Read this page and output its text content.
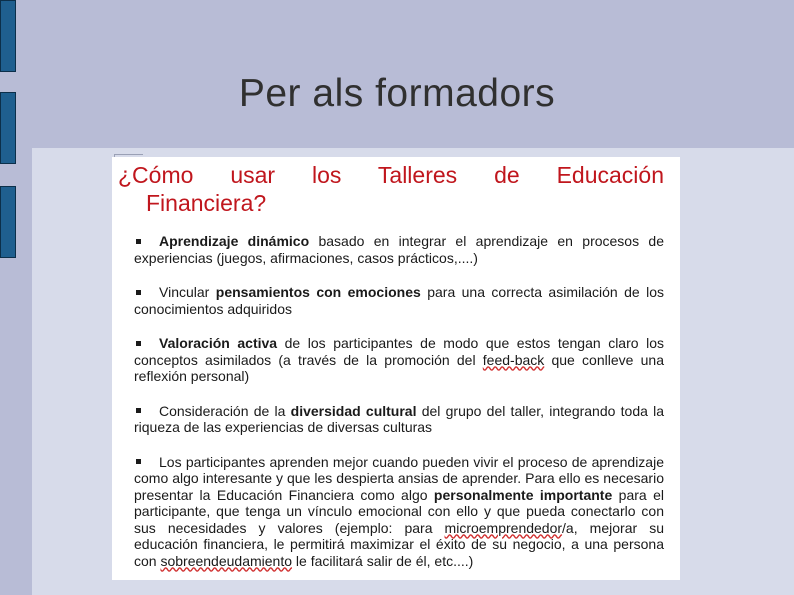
Per als formadors

¿Cómo usar los Talleres de Educación

Financiera?

Aprendizaje dinámico basado en integrar el aprendizaje en procesos de experiencias (juegos, afirmaciones, casos prácticos,....)
Vincular pensamientos con emociones para una correcta asimilación de los conocimientos adquiridos
Valoración activa de los participantes de modo que estos tengan claro los conceptos asimilados (a través de la promoción del feed-back que conlleve una reflexión personal)
Consideración de la diversidad cultural del grupo del taller, integrando toda la riqueza de las experiencias de diversas culturas
Los participantes aprenden mejor cuando pueden vivir el proceso de aprendizaje como algo interesante y que les despierta ansias de aprender. Para ello es necesario presentar la Educación Financiera como algo personalmente importante para el participante, que tenga un vínculo emocional con ello y que pueda conectarlo con sus necesidades y valores (ejemplo: para microemprendedor/a, mejorar su educación financiera, le permitirá maximizar el éxito de su negocio, a una persona con sobreendeudamiento le facilitará salir de él, etc....)
